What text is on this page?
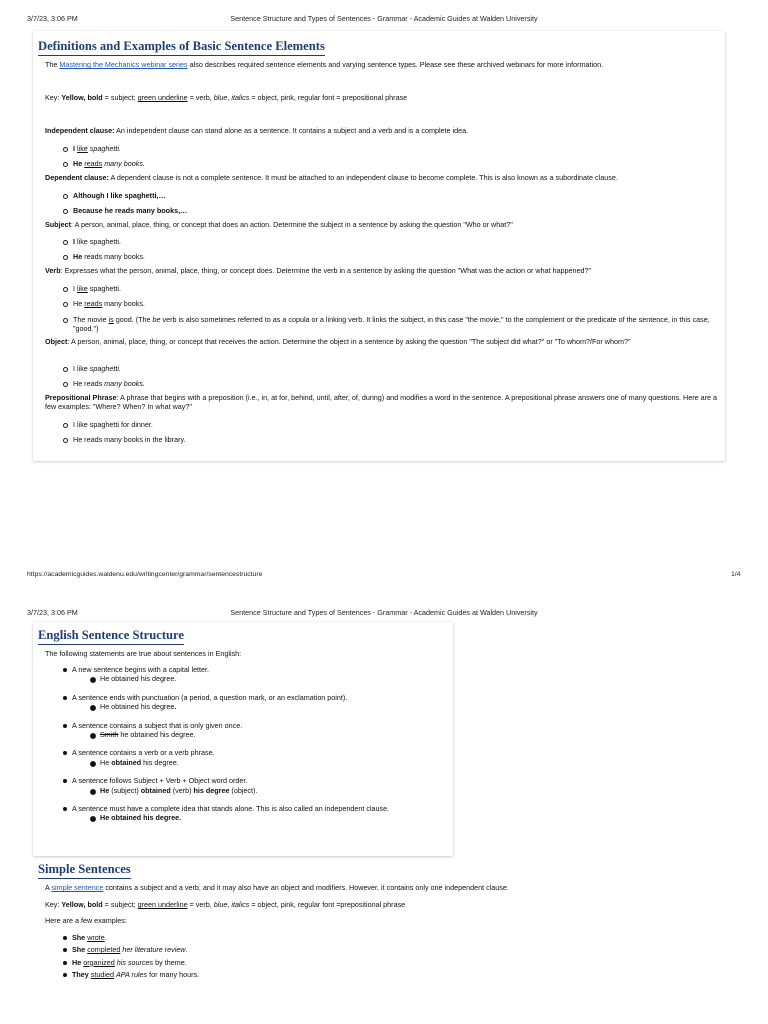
3/7/23, 3:06 PM	Sentence Structure and Types of Sentences - Grammar - Academic Guides at Walden University
Definitions and Examples of Basic Sentence Elements

The Mastering the Mechanics webinar series also describes required sentence elements and varying sentence types. Please see these archived webinars for more information.

Key: Yellow, bold = subject; green underline = verb, blue, italics = object, pink, regular font = prepositional phrase

Independent clause: An independent clause can stand alone as a sentence. It contains a subject and a verb and is a complete idea.

I like spaghetti.
He reads many books.

Dependent clause: A dependent clause is not a complete sentence. It must be attached to an independent clause to become complete. This is also known as a subordinate clause.

Although I like spaghetti,…
Because he reads many books,…

Subject: A person, animal, place, thing, or concept that does an action. Determine the subject in a sentence by asking the question "Who or what?"

I like spaghetti.
He reads many books.

Verb: Expresses what the person, animal, place, thing, or concept does. Determine the verb in a sentence by asking the question "What was the action or what happened?"

I like spaghetti.
He reads many books.
The movie is good. (The be verb is also sometimes referred to as a copula or a linking verb. It links the subject, in this case "the movie," to the complement or the predicate of the sentence, in this case, "good.")

Object: A person, animal, place, thing, or concept that receives the action. Determine the object in a sentence by asking the question "The subject did what?" or "To whom?/For whom?"

I like spaghetti.
He reads many books.

Prepositional Phrase: A phrase that begins with a preposition (i.e., in, at for, behind, until, after, of, during) and modifies a word in the sentence. A prepositional phrase answers one of many questions. Here are a few examples: "Where? When? In what way?"

I like spaghetti for dinner.
He reads many books in the library.
https://academicguides.waldenu.edu/writingcenter/grammar/sentencestructure	1/4
3/7/23, 3:06 PM	Sentence Structure and Types of Sentences - Grammar - Academic Guides at Walden University
English Sentence Structure

The following statements are true about sentences in English:

A new sentence begins with a capital letter.
He obtained his degree.
A sentence ends with punctuation (a period, a question mark, or an exclamation point).
He obtained his degree.
A sentence contains a subject that is only given once.
Smith he obtained his degree.
A sentence contains a verb or a verb phrase.
He obtained his degree.
A sentence follows Subject + Verb + Object word order.
He (subject) obtained (verb) his degree (object).
A sentence must have a complete idea that stands alone. This is also called an independent clause.
He obtained his degree.
Simple Sentences

A simple sentence contains a subject and a verb, and it may also have an object and modifiers. However, it contains only one independent clause.

Key: Yellow, bold = subject; green underline = verb, blue, italics = object, pink, regular font =prepositional phrase

Here are a few examples:

She wrote.
She completed her literature review.
He organized his sources by theme.
They studied APA rules for many hours.
